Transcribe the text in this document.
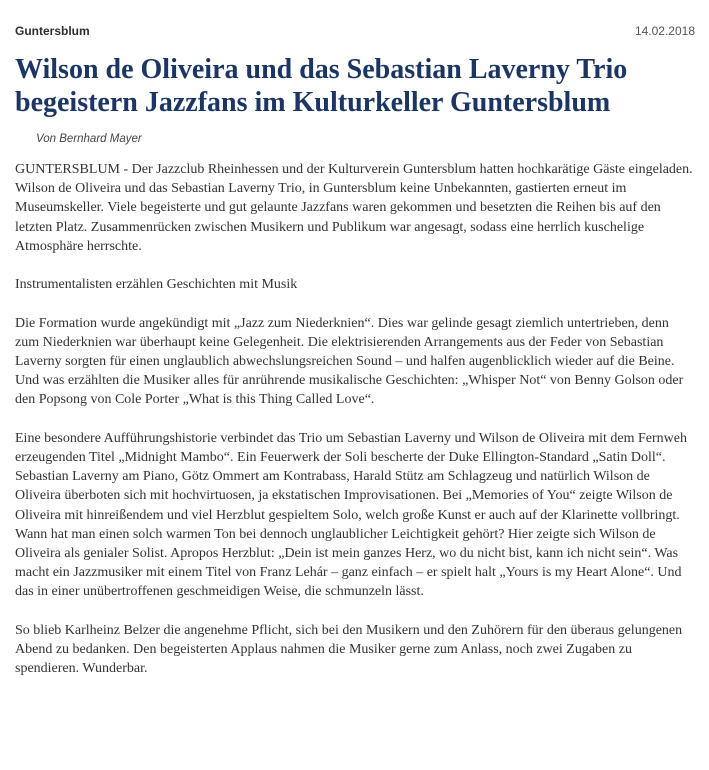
Guntersblum	14.02.2018
Wilson de Oliveira und das Sebastian Laverny Trio begeistern Jazzfans im Kulturkeller Guntersblum
Von Bernhard Mayer

GUNTERSBLUM - Der Jazzclub Rheinhessen und der Kulturverein Guntersblum hatten hochkarätige Gäste eingeladen. Wilson de Oliveira und das Sebastian Laverny Trio, in Guntersblum keine Unbekannten, gastierten erneut im Museumskeller. Viele begeisterte und gut gelaunte Jazzfans waren gekommen und besetzten die Reihen bis auf den letzten Platz. Zusammenrücken zwischen Musikern und Publikum war angesagt, sodass eine herrlich kuschelige Atmosphäre herrschte.

Instrumentalisten erzählen Geschichten mit Musik

Die Formation wurde angekündigt mit „Jazz zum Niederknien“. Dies war gelinde gesagt ziemlich untertrieben, denn zum Niederknien war überhaupt keine Gelegenheit. Die elektrisierenden Arrangements aus der Feder von Sebastian Laverny sorgten für einen unglaublich abwechslungsreichen Sound – und halfen augenblicklich wieder auf die Beine. Und was erzählten die Musiker alles für anrührende musikalische Geschichten: „Whisper Not“ von Benny Golson oder den Popsong von Cole Porter „What is this Thing Called Love“.

Eine besondere Aufführungshistorie verbindet das Trio um Sebastian Laverny und Wilson de Oliveira mit dem Fernweh erzeugenden Titel „Midnight Mambo“. Ein Feuerwerk der Soli bescherte der Duke Ellington-Standard „Satin Doll“. Sebastian Laverny am Piano, Götz Ommert am Kontrabass, Harald Stütz am Schlagzeug und natürlich Wilson de Oliveira überboten sich mit hochvirtuosen, ja ekstatischen Improvisationen. Bei „Memories of You“ zeigte Wilson de Oliveira mit hinreißendem und viel Herzblut gespieltem Solo, welch große Kunst er auch auf der Klarinette vollbringt. Wann hat man einen solch warmen Ton bei dennoch unglaublicher Leichtigkeit gehört? Hier zeigte sich Wilson de Oliveira als genialer Solist. Apropos Herzblut: „Dein ist mein ganzes Herz, wo du nicht bist, kann ich nicht sein“. Was macht ein Jazzmusiker mit einem Titel von Franz Lehár – ganz einfach – er spielt halt „Yours is my Heart Alone“. Und das in einer unübertroffenen geschmeidigen Weise, die schmunzeln lässt.

So blieb Karlheinz Belzer die angenehme Pflicht, sich bei den Musikern und den Zuhörern für den überaus gelungenen Abend zu bedanken. Den begeisterten Applaus nahmen die Musiker gerne zum Anlass, noch zwei Zugaben zu spendieren. Wunderbar.
